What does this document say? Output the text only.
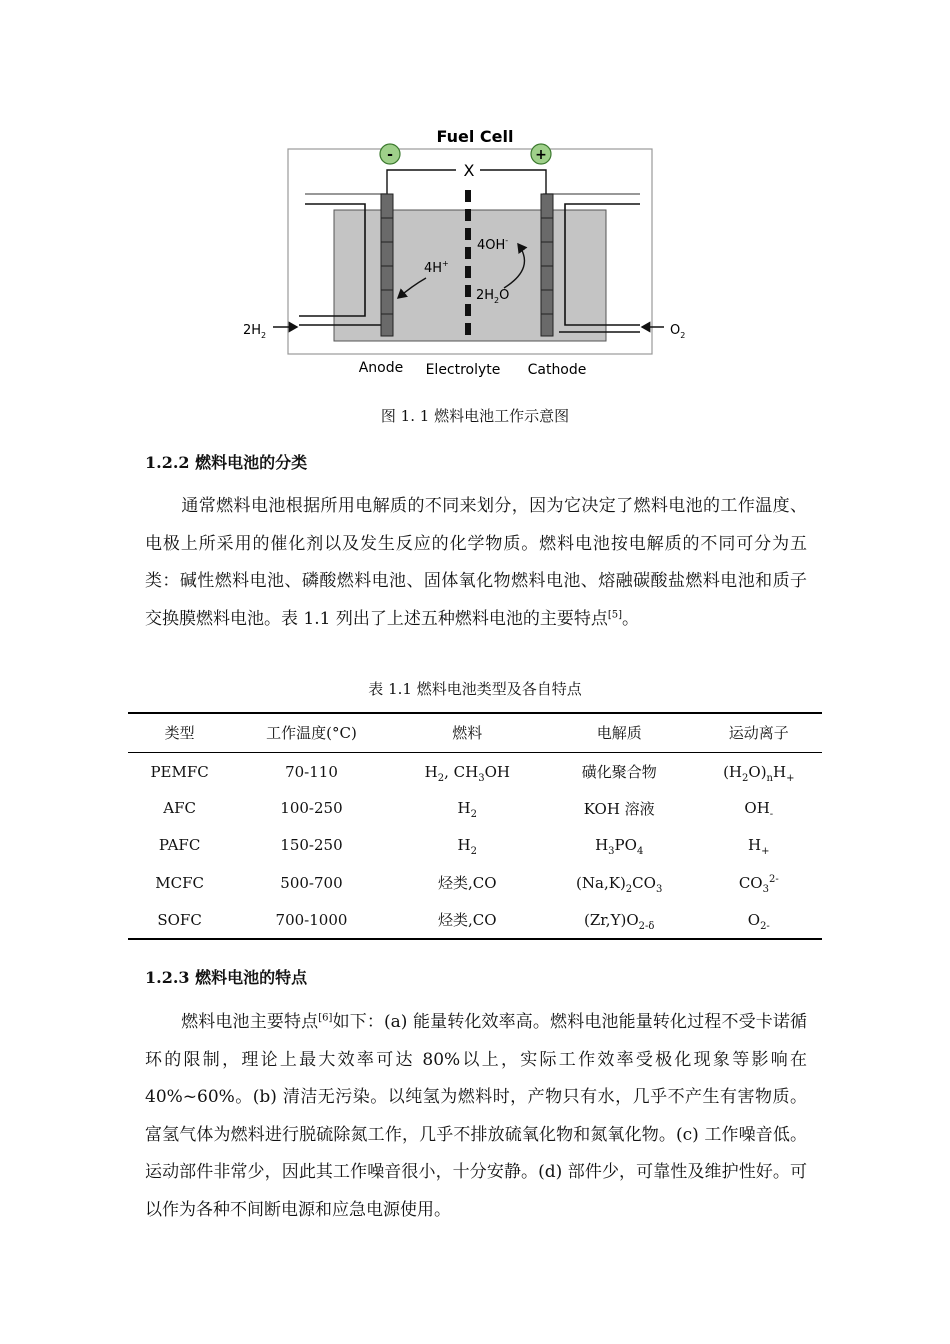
-	+
Fuel Cell
X
4H+
4OH-
$2H_2O$
$2H_2$	$O_2$
Anode Electrolyte Cathode
图 1. 1 燃料电池工作示意图
1.2.2 燃料电池的分类

通常燃料电池根据所用电解质的不同来划分，因为它决定了燃料电池的工作温度、电极上所采用的催化剂以及发生反应的化学物质。燃料电池按电解质的不同可分为五类：碱性燃料电池、磷酸燃料电池、固体氧化物燃料电池、熔融碳酸盐燃料电池和质子交换膜燃料电池。表 1.1 列出了上述五种燃料电池的主要特点[5]。

表 1.1 燃料电池类型及各自特点
类型	工作温度(°C)	燃料	电解质	运动离子
PEMFC	70-110	$H_2$, $CH_3OH$	磺化聚合物	$(H_2O)_nH_+$
AFC	100-250	$H_2$	KOH 溶液	$OH_-$
PAFC	150-250	$H_2$	$H_3PO_4$	$H_+$
MCFC	500-700	烃类,CO	$(Na,K)_2CO_3$	$CO_3^{2-}$
SOFC	700-1000	烃类,CO	$(Zr,Y)O_{2-\delta}$	$O_{2-}$
1.2.3 燃料电池的特点

燃料电池主要特点[6]如下：(a) 能量转化效率高。燃料电池能量转化过程不受卡诺循环的限制，理论上最大效率可达 80%以上，实际工作效率受极化现象等影响在 40%~60%。(b) 清洁无污染。以纯氢为燃料时，产物只有水，几乎不产生有害物质。富氢气体为燃料进行脱硫除氮工作，几乎不排放硫氧化物和氮氧化物。(c) 工作噪音低。运动部件非常少，因此其工作噪音很小，十分安静。(d) 部件少，可靠性及维护性好。可以作为各种不间断电源和应急电源使用。
